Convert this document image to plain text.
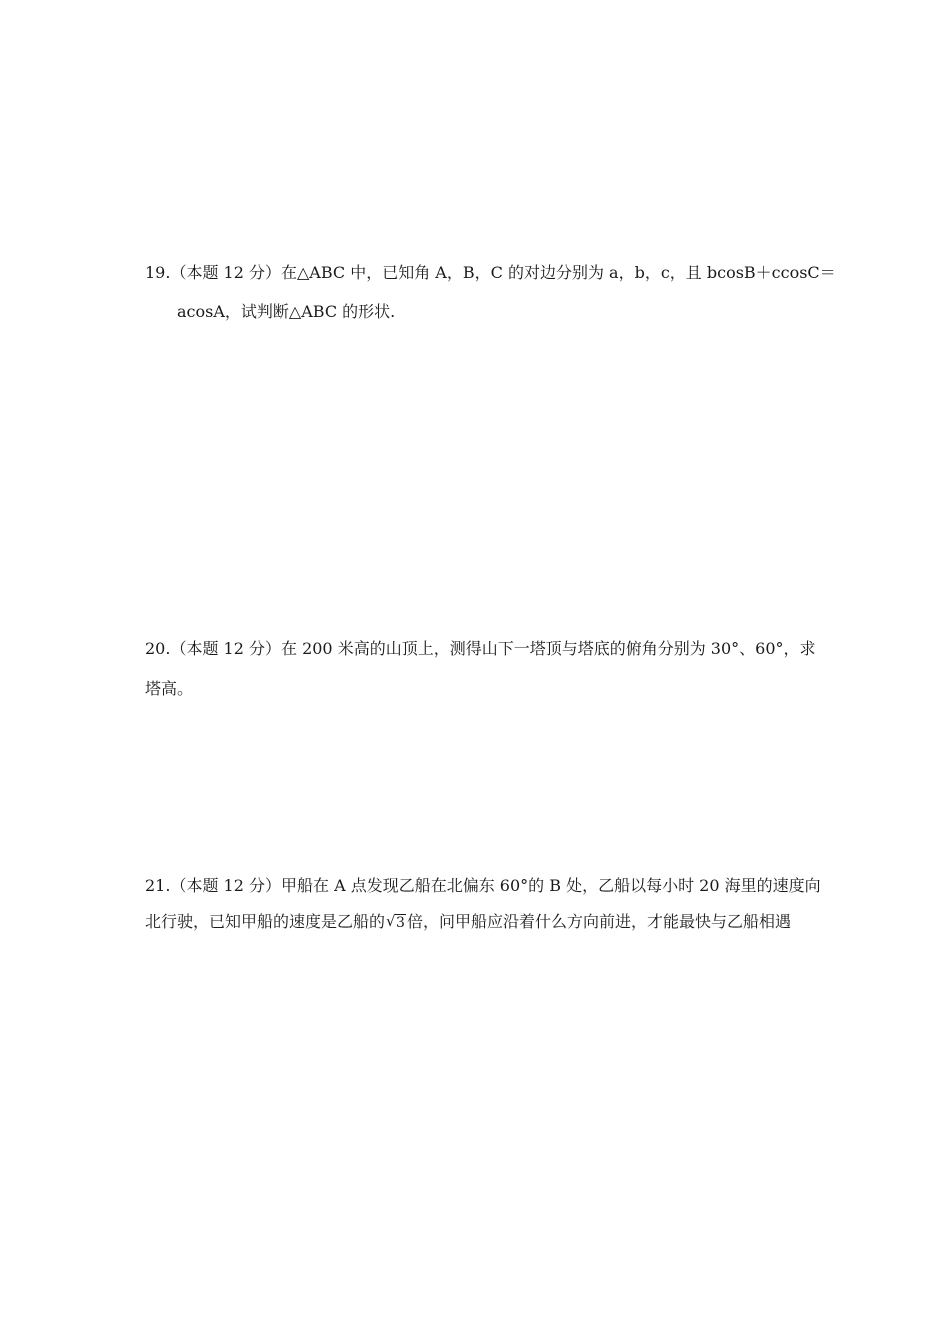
19.（本题 12 分）在△ABC 中，已知角 A，B，C 的对边分别为 a，b，c，且 bcosB＋ccosC＝
acosA，试判断△ABC 的形状.
20.（本题 12 分）在 200 米高的山顶上，测得山下一塔顶与塔底的俯角分别为 30°、60°，求
塔高。
21.（本题 12 分）甲船在 A 点发现乙船在北偏东 60°的 B 处，乙船以每小时 20 海里的速度向
北行驶，已知甲船的速度是乙船的 √ 3 倍，问甲船应沿着什么方向前进，才能最快与乙船相遇
